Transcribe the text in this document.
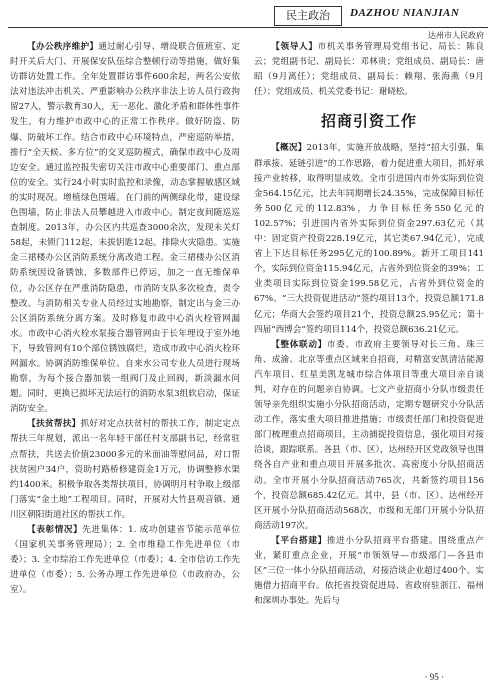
民主政治	DAZHOU NIANJIAN
达州市人民政府

【办公秩序维护】通过耐心引导、增设联合值班室、定时开关后大门、开展保安队伍综合整顿行动等措施，做好集访群访处置工作。全年处置群访事件600余起，两名公安依法对违法冲击机关、严重影响办公秩序非法上访人员行政拘留27人，警示教育30人，无一恶化、激化矛盾和群体性事件发生，有力维护市政中心的正常工作秩序。做好防盗、防爆、防破坏工作。结合市政中心环境特点，严密巡防举措，推行“全天候、多方位”的交叉巡防模式，确保市政中心及周边安全。通过监控报失密切关注市政中心重要部门、重点部位的安全。实行24小时实时监控和录像，动态掌握敏感区域的实时现况。增植绿色围墙。在门前的两侧绿化带，建设绿色围墙，防止非法人员攀越进入市政中心。制定夜间随巡巡查制度。2013年，办公区内共巡查3000余次，发现未关灯58起，未锁门112起，未拔钥匙12起。排除火灾隐患。实施金三裙楼办公区消防系统分离改造工程。金三裙楼办公区消防系统因设备锈蚀，多数部件已停运，加之一直无维保单位，办公区存在严重消防隐患，市消防支队多次检查，责令整改。与消防相关专业人员经过实地勘察，制定出与金三办公区消防系统分离方案。及时修复市政中心消火栓管网漏水。市政中心消火栓水泵接合器管网由于长年埋设于室外地下，导致管网有10个部位锈蚀腐烂，造成市政中心消火栓环网漏水。协调消防维保单位、自来水公司专业人员进行现场勘察，为每个接合器加装一组阀门及止回阀，新淡漏水问题。同时，更换已损坏无法运行的消防水泵3组软启动，保证消防安全。

【扶贫帮扶】抓好对定点扶贫村的帮扶工作，制定定点帮扶三年规划，派出一名年轻干部任村支部副书记，经常驻点帮扶，共送去价值23000多元的米面油等慰问品，对口帮扶贫困户34户，资助村路桥修建资金1万元，协调整修水渠约1400米。积极争取各类帮扶项目，协调明月村争取上级部门落实“金土地”工程项目。同时，开展对大竹县观音镇、通川区朝阳街道社区的帮扶工作。

【表彰情况】先进集体：1. 成功创建省节能示范单位（国家机关事务管理局）；2. 全市维稳工作先进单位（市委）；3. 全市综治工作先进单位（市委）；4. 全市信访工作先进单位（市委）；5. 公务办理工作先进单位（市政府办，公室）。

【领导人】市机关事务管理局党组书记、局长：陈良云；党组副书记、副局长：邓林贵；党组成员、副局长：唐昭（9月离任）；党组成员、副局长：赖翔、张海燕（9月任）；党组成员、机关党委书记：谢晓松。

招商引资工作

【概况】2013年，实施开放战略，坚持“招大引强、集群承接、延链引进”的工作思路，着力促进重大项目，抓好承接产业转移，取得明显成效。全市引进国内市外实际到位资金564.15亿元，比去年同期增长24.35%，完成保障目标任务500亿元的112.83%，力争目标任务550亿元的102.57%；引进国内省外实际到位资金297.63亿元（其中：固定资产投资228.19亿元，其它类67.94亿元），完成省上下达目标任务295亿元的100.89%。新开工项目141个，实际到位资金115.94亿元，占省外到位资金的39%；工业类项目实际到位资金199.58亿元，占省外到位资金的67%。“三大投资促进活动”签约项目13个，投资总额171.8亿元；华商大会签约项目21个，投资总额25.95亿元；第十四届“西博会”签约项目114个，投资总额636.21亿元。

【整体联动】市委、市政府主要领导对长三角、珠三角、成渝、北京等重点区域来自招商，对精富安凯清洁能源汽车项目、红星美凯龙城市综合体项目等重大项目亲自谈判，对存在的问题亲自协调。七文产业招商小分队市级责任领导亲先组织实施小分队招商活动，定期专题研究小分队活动工作，落实重大项目推进措施；市级责任部门和投资促进部门梳理重点招商项目，主动捕捉投资信息，强化项目对接洽谈，跟踪联系。各县（市、区），达州经开区党政领导也围绕各自产业和重点项目开展多批次、高密度小分队招商活动。全市开展小分队招商活动765次，共新签约项目156个，投资总额685.42亿元。其中，县（市、区）、达州经开区开展小分队招商活动568次，市级和无部门开展小分队招商活动197次。

【平台搭建】推进小分队招商平台搭建。围绕重点产业，紧盯重点企业，开展“市领领导—市级部门—各县市区”三位一体小分队招商活动，对接洽谈企业超过400个。实施借力招商平台。依托省投资促进局、省政府驻浙江、福州和深圳办事处。先后与

· 95 ·
